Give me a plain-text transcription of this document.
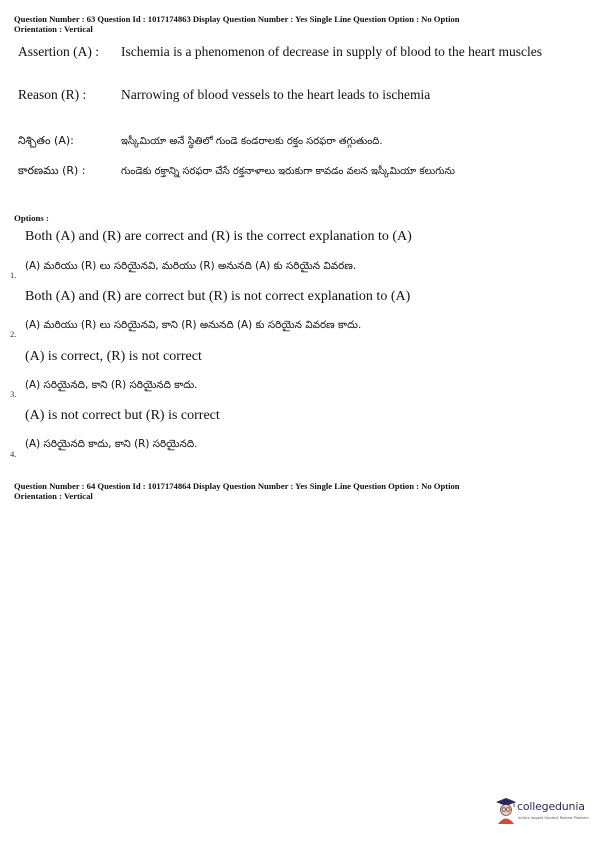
Question Number : 63 Question Id : 1017174863 Display Question Number : Yes Single Line Question Option : No Option
Orientation : Vertical
Assertion (A) : Ischemia is a phenomenon of decrease in supply of blood to the heart muscles
Reason (R) :	Narrowing of blood vessels to the heart leads to ischemia
నిశ్చితం (A):	ఇస్కీమియా అనే స్థితిలో గుండె కండరాలకు రక్తం సరఫరా తగ్గుతుంది.
కారణము (R) :	గుండెకు రక్తాన్ని సరఫరా చేసే రక్తనాళాలు ఇరుకుగా కావడం వలన ఇస్కీమియా కలుగును
Options :
Both (A) and (R) are correct and (R) is the correct explanation to (A)
(A) మరియు (R) లు సరియైనవి, మరియు (R) అనునది (A) కు సరియైన వివరణ.
1.
Both (A) and (R) are correct but (R) is not correct explanation to (A)
(A) మరియు (R) లు సరియైనవి, కాని (R) అనునది (A) కు సరియైన వివరణ కాదు.
2.
(A) is correct, (R) is not correct
(A) సరియైనది, కాని (R) సరియైనది కాదు.
3.
(A) is not correct but (R) is correct
(A) సరియైనది కాదు, కాని (R) సరియైనది.
4.
Question Number : 64 Question Id : 1017174864 Display Question Number : Yes Single Line Question Option : No Option
Orientation : Vertical
collegedunia
India's largest Student Review Platform
